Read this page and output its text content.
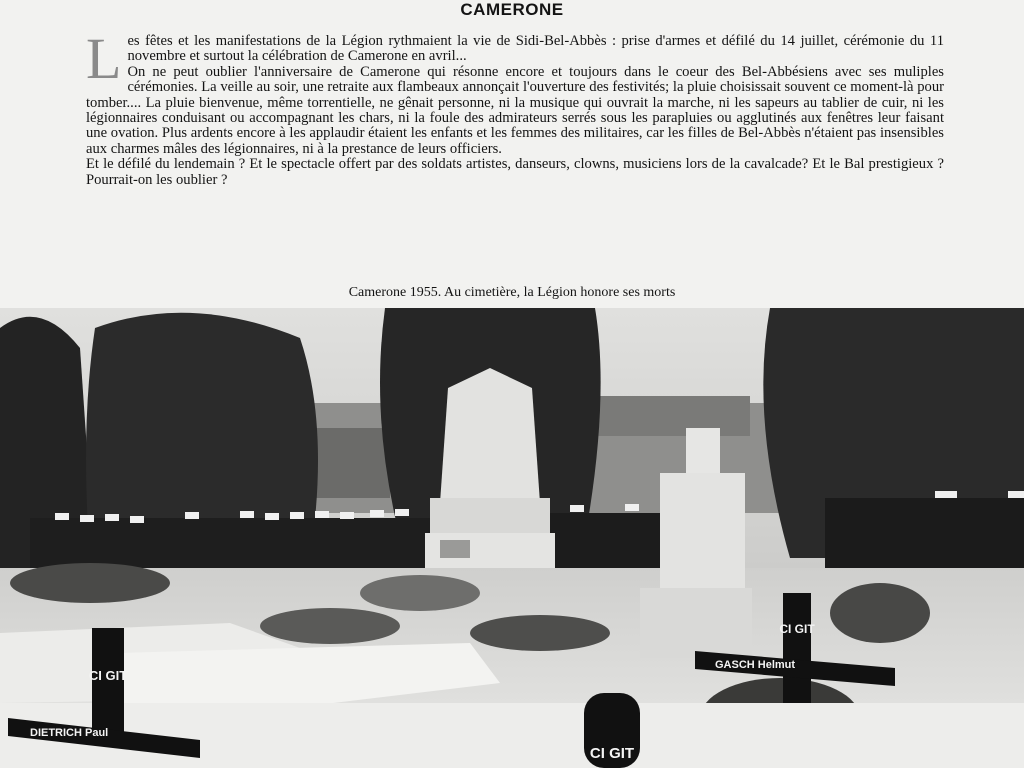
CAMERONE
L es fêtes et les manifestations de la Légion rythmaient la vie de Sidi-Bel-Abbès : prise d'armes et défilé du 14 juillet, cérémonie du 11 novembre et surtout la célébration de Camerone en avril...

On ne peut oublier l'anniversaire de Camerone qui résonne encore et toujours dans le coeur des Bel-Abbésiens avec ses muliples cérémonies. La veille au soir, une retraite aux flambeaux annonçait l'ouverture des festivités; la pluie choisissait souvent ce moment-là pour tomber.... La pluie bienvenue, même torrentielle, ne gênait personne, ni la musique qui ouvrait la marche, ni les sapeurs au tablier de cuir, ni les légionnaires conduisant ou accompagnant les chars, ni la foule des admirateurs serrés sous les parapluies ou agglutinés aux fenêtres leur faisant une ovation. Plus ardents encore à les applaudir étaient les enfants et les femmes des militaires, car les filles de Bel-Abbès n'étaient pas insensibles aux charmes mâles des légionnaires, ni à la prestance de leurs officiers.

Et le défilé du lendemain ? Et le spectacle offert par des soldats artistes, danseurs, clowns, musiciens lors de la cavalcade? Et le Bal prestigieux ? Pourrait-on les oublier ?

Camerone 1955. Au cimetière, la Légion honore ses morts
CI GIT
DIETRICH Paul
CI GIT
GASCH Helmut
CI GIT
